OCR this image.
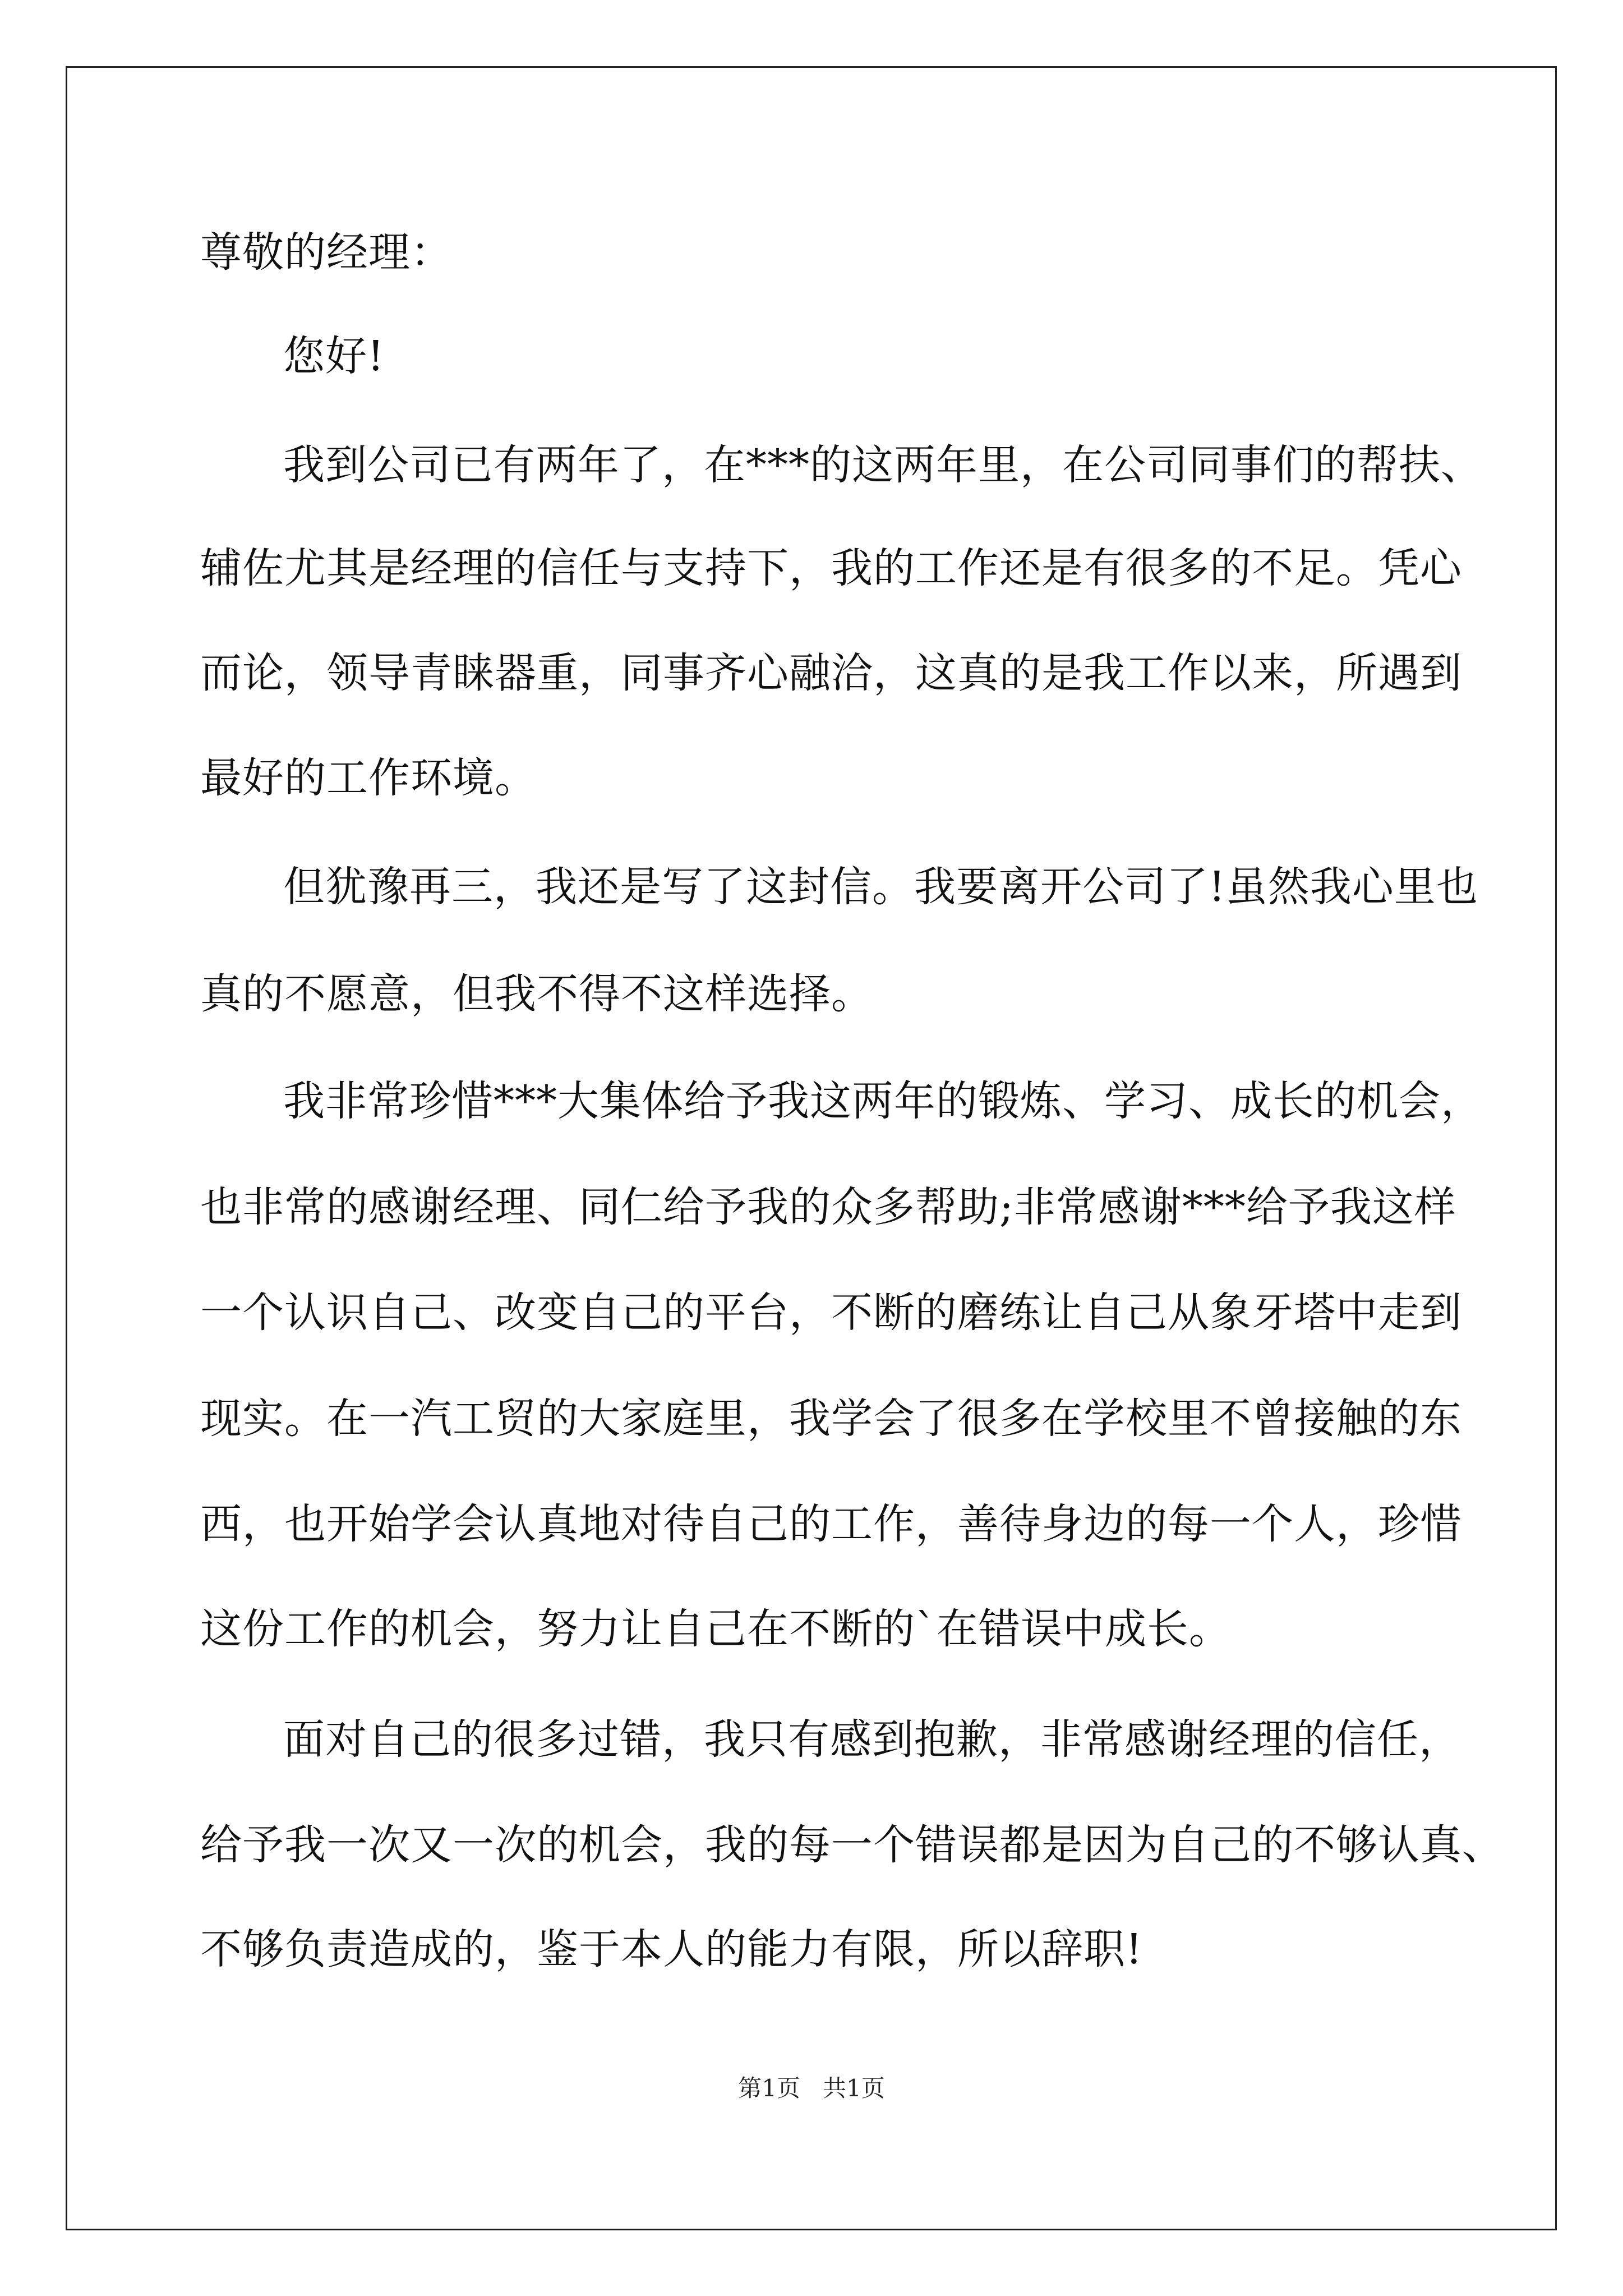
尊敬的经理：
您好!
我到公司已有两年了，在***的这两年里，在公司同事们的帮扶、
辅佐尤其是经理的信任与支持下，我的工作还是有很多的不足。凭心
而论，领导青睐器重，同事齐心融洽，这真的是我工作以来，所遇到
最好的工作环境。
但犹豫再三，我还是写了这封信。我要离开公司了!虽然我心里也
真的不愿意，但我不得不这样选择。
我非常珍惜***大集体给予我这两年的锻炼、学习、成长的机会，
也非常的感谢经理、同仁给予我的众多帮助;非常感谢***给予我这样
一个认识自己、改变自己的平台，不断的磨练让自己从象牙塔中走到
现实。在一汽工贸的大家庭里，我学会了很多在学校里不曾接触的东
西，也开始学会认真地对待自己的工作，善待身边的每一个人，珍惜
这份工作的机会，努力让自己在不断的`在错误中成长。
面对自己的很多过错，我只有感到抱歉，非常感谢经理的信任，
给予我一次又一次的机会，我的每一个错误都是因为自己的不够认真、
不够负责造成的，鉴于本人的能力有限，所以辞职!
第1页   共1页
